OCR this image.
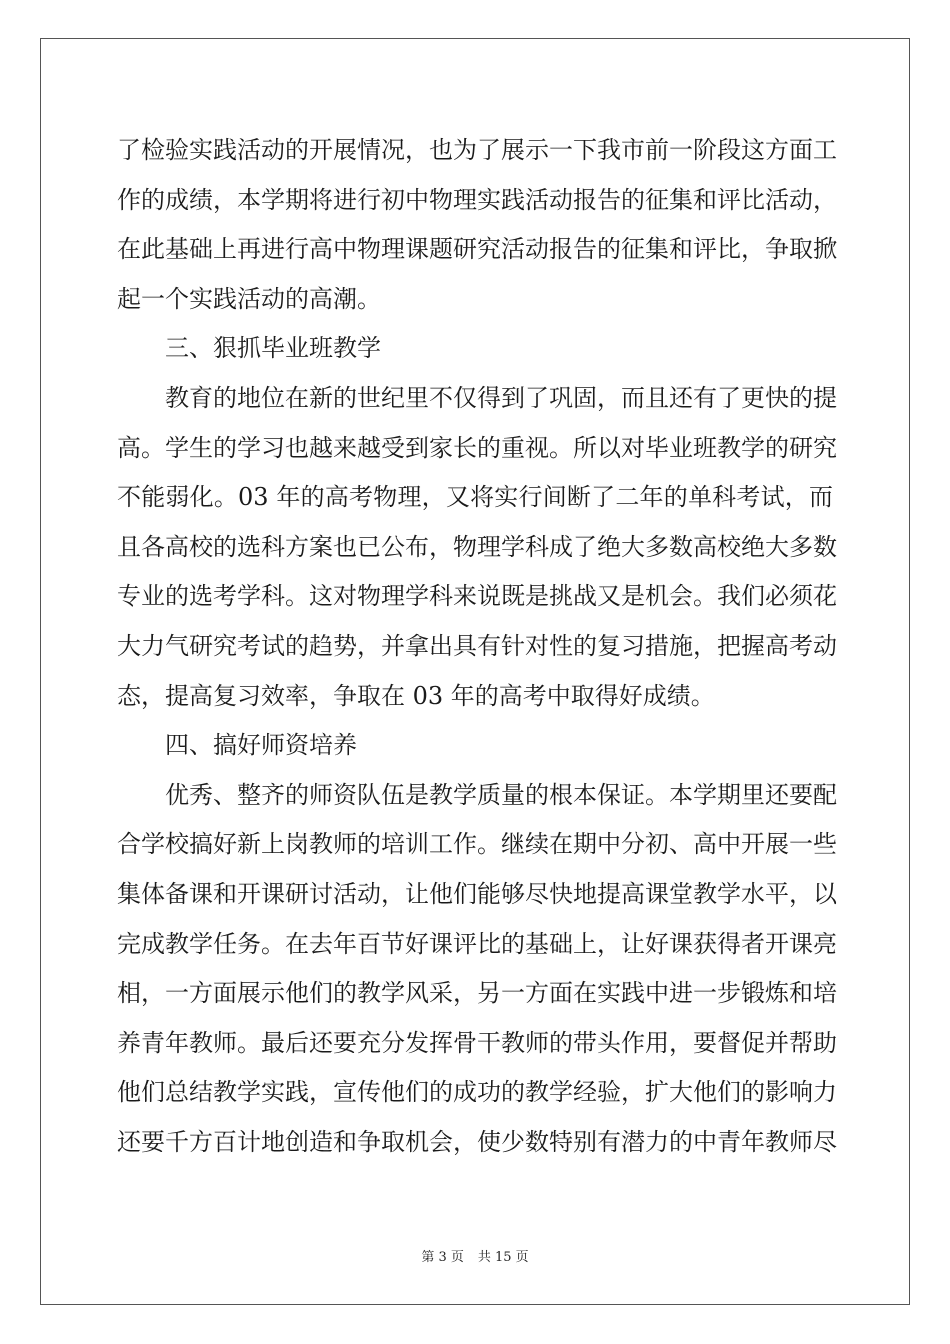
了检验实践活动的开展情况，也为了展示一下我市前一阶段这方面工
作的成绩，本学期将进行初中物理实践活动报告的征集和评比活动，
在此基础上再进行高中物理课题研究活动报告的征集和评比，争取掀
起一个实践活动的高潮。
三、狠抓毕业班教学
教育的地位在新的世纪里不仅得到了巩固，而且还有了更快的提
高。学生的学习也越来越受到家长的重视。所以对毕业班教学的研究
不能弱化。03 年的高考物理，又将实行间断了二年的单科考试，而
且各高校的选科方案也已公布，物理学科成了绝大多数高校绝大多数
专业的选考学科。这对物理学科来说既是挑战又是机会。我们必须花
大力气研究考试的趋势，并拿出具有针对性的复习措施，把握高考动
态，提高复习效率，争取在 03 年的高考中取得好成绩。
四、搞好师资培养
优秀、整齐的师资队伍是教学质量的根本保证。本学期里还要配
合学校搞好新上岗教师的培训工作。继续在期中分初、高中开展一些
集体备课和开课研讨活动，让他们能够尽快地提高课堂教学水平，以
完成教学任务。在去年百节好课评比的基础上，让好课获得者开课亮
相，一方面展示他们的教学风采，另一方面在实践中进一步锻炼和培
养青年教师。最后还要充分发挥骨干教师的带头作用，要督促并帮助
他们总结教学实践，宣传他们的成功的教学经验，扩大他们的影响力
还要千方百计地创造和争取机会，使少数特别有潜力的中青年教师尽
第 3 页 共 15 页
